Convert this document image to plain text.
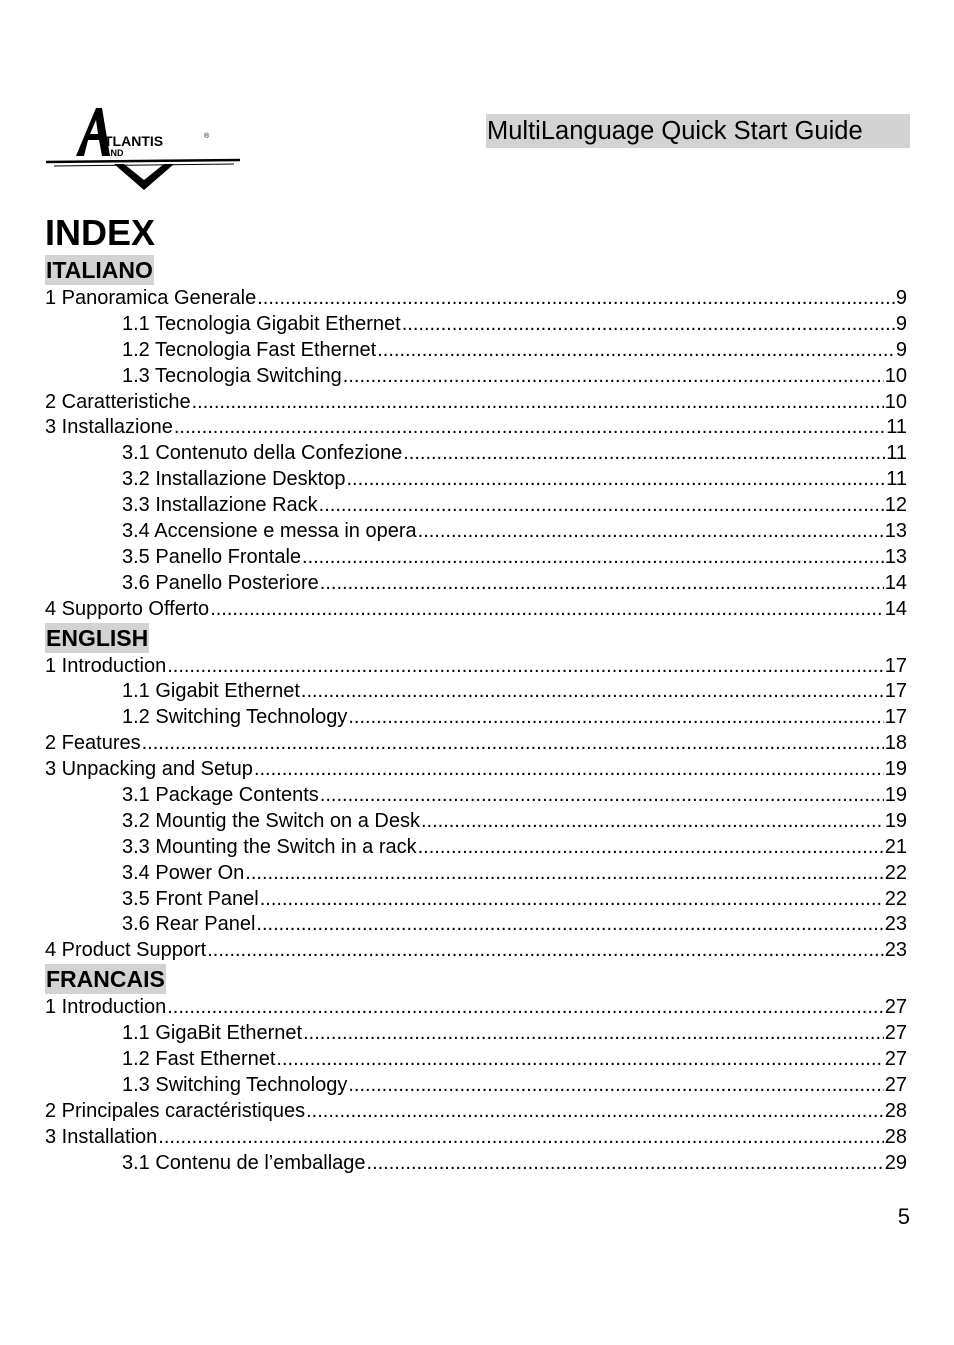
TLANTIS
AND
®	MultiLanguage Quick Start Guide
INDEX
ITALIANO
1 Panoramica Generale .....	9
1.1 Tecnologia Gigabit Ethernet .....	9
1.2 Tecnologia Fast Ethernet .....	9
1.3 Tecnologia Switching .....	10
2 Caratteristiche .....	10
3 Installazione .....	11
3.1 Contenuto della Confezione .....	11
3.2 Installazione Desktop .....	11
3.3 Installazione Rack .....	12
3.4 Accensione e messa in opera .....	13
3.5 Panello Frontale .....	13
3.6 Panello Posteriore .....	14
4 Supporto Offerto .....	14
ENGLISH
1 Introduction .....	17
1.1 Gigabit Ethernet .....	17
1.2 Switching Technology .....	17
2 Features .....	18
3 Unpacking and Setup .....	19
3.1 Package Contents .....	19
3.2 Mountig the Switch on a Desk .....	19
3.3 Mounting the Switch in a rack .....	21
3.4 Power On .....	22
3.5 Front Panel .....	22
3.6 Rear Panel .....	23
4 Product Support .....	23
FRANCAIS
1 Introduction .....	27
1.1 GigaBit Ethernet .....	27
1.2 Fast Ethernet .....	27
1.3 Switching Technology .....	27
2 Principales caractéristiques .....	28
3 Installation .....	28
3.1 Contenu de l’emballage .....	29
5
